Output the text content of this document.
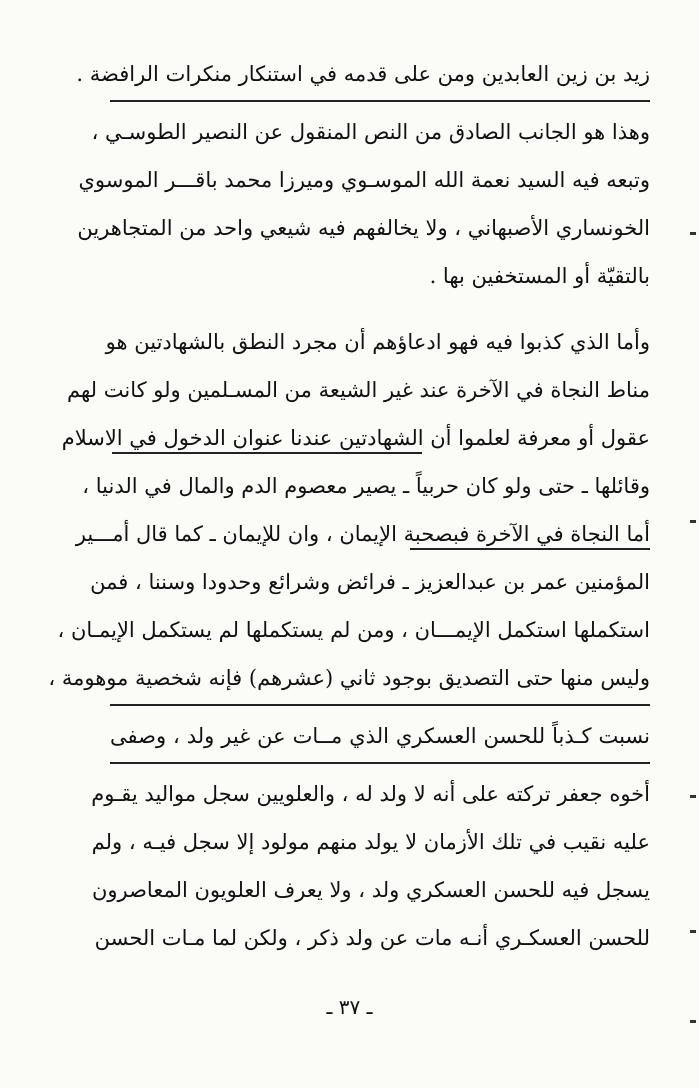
زيد بن زين العابدين ومن على قدمه في استنكار منكرات الرافضة .
وهذا هو الجانب الصادق من النص المنقول عن النصير الطوسـي ،
وتبعه فيه السيد نعمة الله الموسـوي وميرزا محمد باقـــر الموسوي
الخونساري الأصبهاني ، ولا يخالفهم فيه شيعي واحد من المتجاهرين
بالتقيّة أو المستخفين بها .
وأما الذي كذبوا فيه فهو ادعاؤهم أن مجرد النطق بالشهادتين هو
مناط النجاة في الآخرة عند غير الشيعة من المسـلمين ولو كانت لهم
عقول أو معرفة لعلموا أن الشهادتين عندنا عنوان الدخول في الاسلام
وقائلها ـ حتى ولو كان حربياً ـ يصير معصوم الدم والمال في الدنيا ،
أما النجاة في الآخرة فبصحبة الإيمان ، وان للإيمان ـ كما قال أمـــير
المؤمنين عمر بن عبدالعزيز ـ فرائض وشرائع وحدودا وسننا ، فمن
استكملها استكمل الإيمـــان ، ومن لم يستكملها لم يستكمل الإيمـان ،
وليس منها حتى التصديق بوجود ثاني (عشرهم) فإنه شخصية موهومة ،
نسبت كـذباً للحسن العسكري الذي مــات عن غير ولد ، وصفى
أخوه جعفر تركته على أنه لا ولد له ، والعلويين سجل مواليد يقـوم
عليه نقيب في تلك الأزمان لا يولد منهم مولود إلا سجل فيـه ، ولم
يسجل فيه للحسن العسكري ولد ، ولا يعرف العلويون المعاصرون
للحسن العسكـري أنـه مات عن ولد ذكر ، ولكن لما مـات الحسن
ـ ٣٧ ـ
